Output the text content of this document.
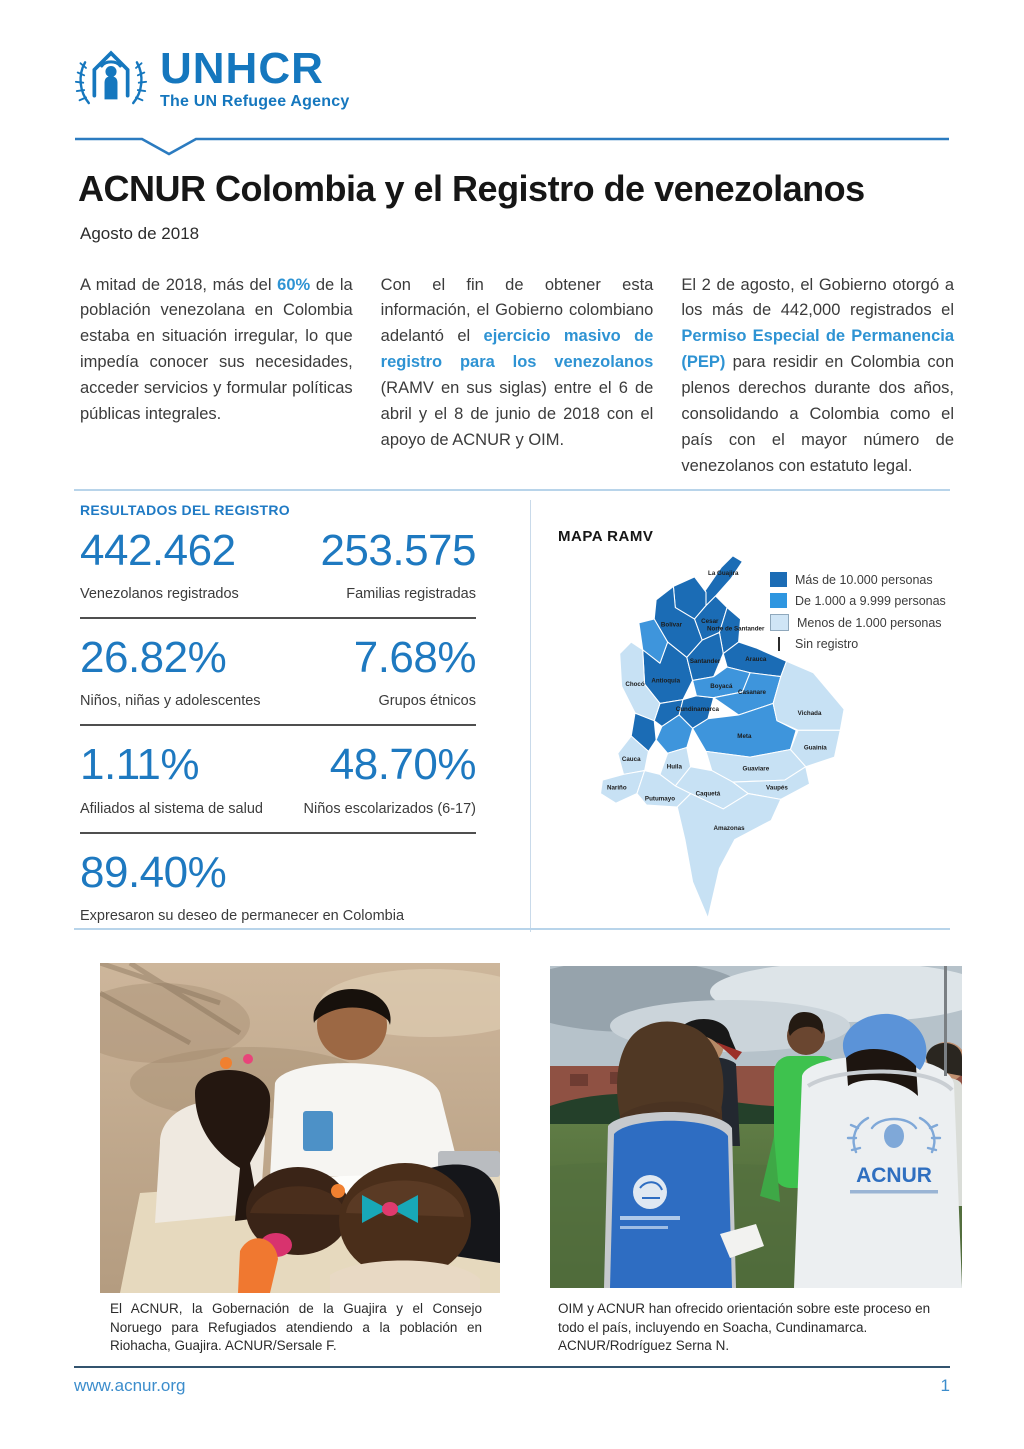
UNHCR
The UN Refugee Agency
ACNUR Colombia y el Registro de venezolanos
Agosto de 2018

A mitad de 2018, más del 60% de la población venezolana en Colombia estaba en situación irregular, lo que impedía conocer sus necesidades, acceder servicios y formular políticas públicas integrales.

Con el fin de obtener esta información, el Gobierno colombiano adelantó el ejercicio masivo de registro para los venezolanos (RAMV en sus siglas) entre el 6 de abril y el 8 de junio de 2018 con el apoyo de ACNUR y OIM.

El 2 de agosto, el Gobierno otorgó a los más de 442,000 registrados el Permiso Especial de Permanencia (PEP) para residir en Colombia con plenos derechos durante dos años, consolidando a Colombia como el país con el mayor número de venezolanos con estatuto legal.

RESULTADOS DEL REGISTRO
442.462
Venezolanos registrados
253.575
Familias registradas
26.82%
Niños, niñas y adolescentes
7.68%
Grupos étnicos
1.11%
Afiliados al sistema de salud
48.70%
Niños escolarizados (6-17)
89.40%
Expresaron su deseo de permanecer en Colombia
MAPA RAMV
La Guajira
Cesar
Bolívar
Norte de Santander
Antioquia
Santander	Arauca
Boyacá
Casanare
Chocó
Cundinamarca
Vichada
Meta
Guainía
Guaviare
Cauca
Huila
Nariño
Putumayo
Caquetá
Vaupés
Amazonas
Más de 10.000 personas
De 1.000 a 9.999 personas
Menos de 1.000 personas
Sin registro
ACNUR
El ACNUR, la Gobernación de la Guajira y el Consejo Noruego para Refugiados atendiendo a la población en Riohacha, Guajira. ACNUR/Sersale F.
OIM y ACNUR han ofrecido orientación sobre este proceso en todo el país, incluyendo en Soacha, Cundinamarca. ACNUR/Rodríguez Serna N.
www.acnur.org	1
